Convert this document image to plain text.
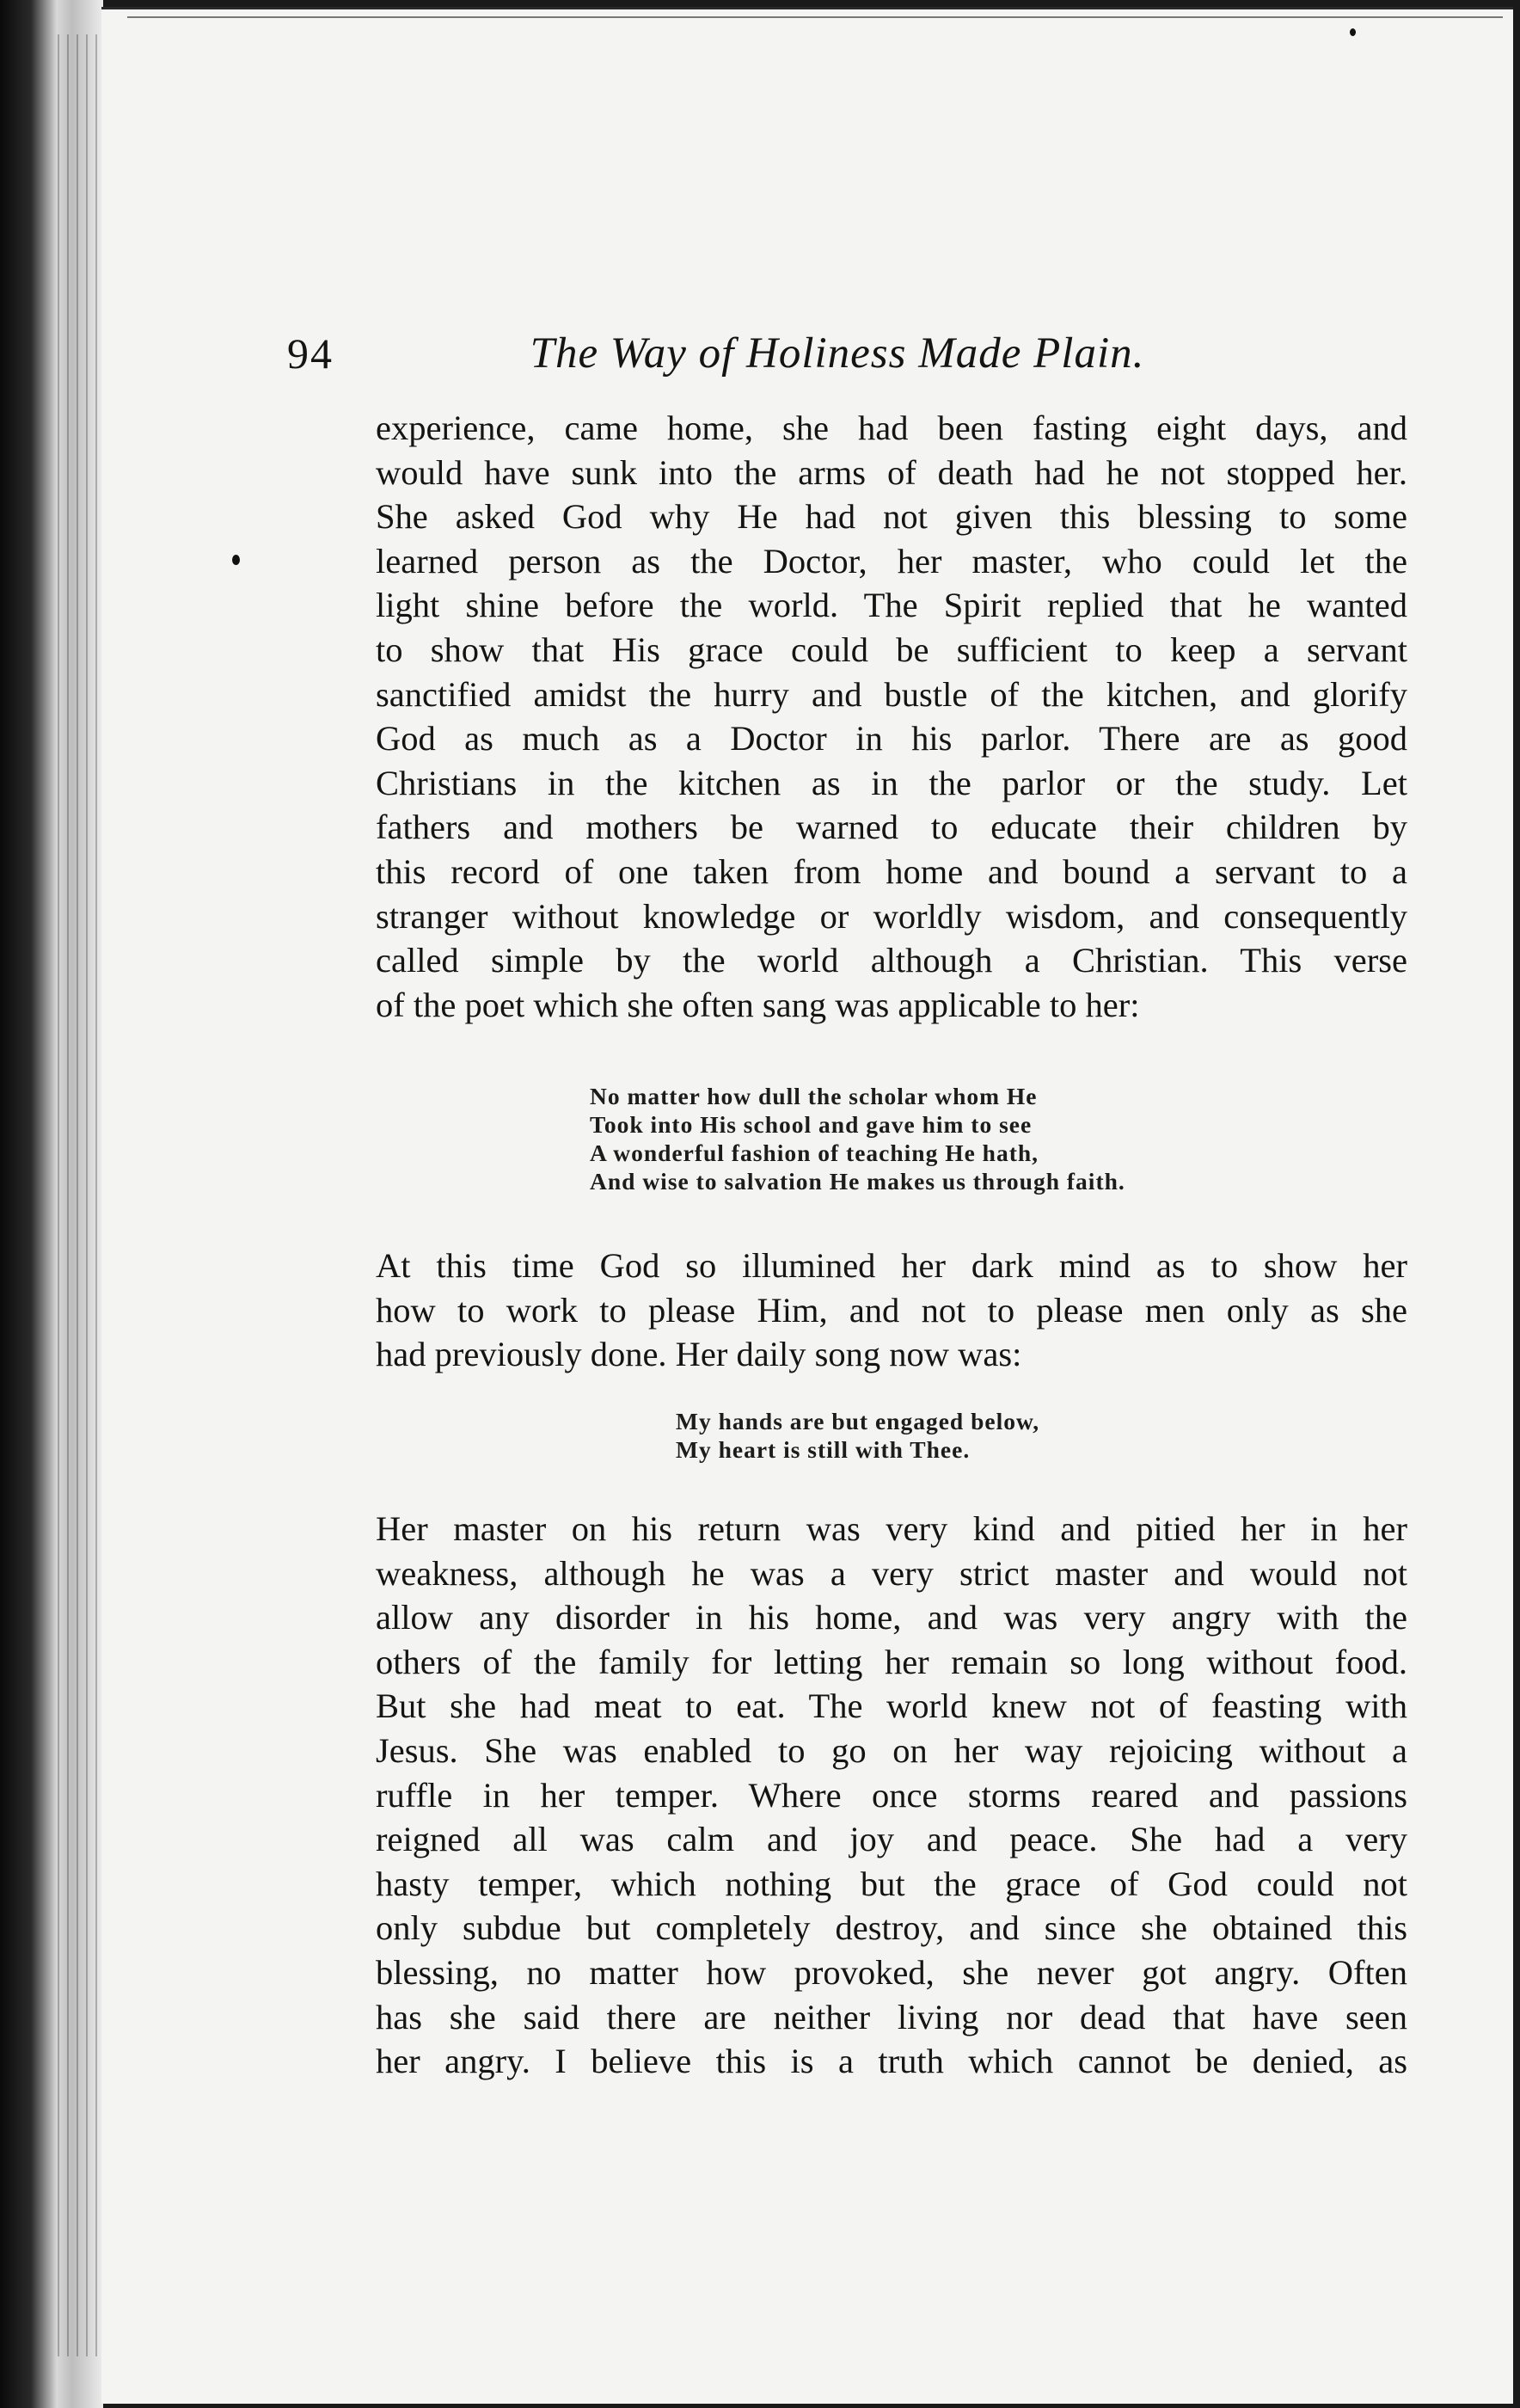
94	The Way of Holiness Made Plain.
experience, came home, she had been fasting eight days, and
would have sunk into the arms of death had he not stopped her.
She asked God why He had not given this blessing to some
learned person as the Doctor, her master, who could let the
light shine before the world. The Spirit replied that he wanted
to show that His grace could be sufficient to keep a servant
sanctified amidst the hurry and bustle of the kitchen, and glorify
God as much as a Doctor in his parlor. There are as good
Christians in the kitchen as in the parlor or the study. Let
fathers and mothers be warned to educate their children by
this record of one taken from home and bound a servant to a
stranger without knowledge or worldly wisdom, and consequently
called simple by the world although a Christian. This verse
of the poet which she often sang was applicable to her:
No matter how dull the scholar whom He
Took into His school and gave him to see
A wonderful fashion of teaching He hath,
And wise to salvation He makes us through faith.
At this time God so illumined her dark mind as to show her
how to work to please Him, and not to please men only as she
had previously done. Her daily song now was:
My hands are but engaged below,
My heart is still with Thee.
Her master on his return was very kind and pitied her in her
weakness, although he was a very strict master and would not
allow any disorder in his home, and was very angry with the
others of the family for letting her remain so long without food.
But she had meat to eat. The world knew not of feasting with
Jesus. She was enabled to go on her way rejoicing without a
ruffle in her temper. Where once storms reared and passions
reigned all was calm and joy and peace. She had a very
hasty temper, which nothing but the grace of God could not
only subdue but completely destroy, and since she obtained this
blessing, no matter how provoked, she never got angry. Often
has she said there are neither living nor dead that have seen
her angry. I believe this is a truth which cannot be denied, as
